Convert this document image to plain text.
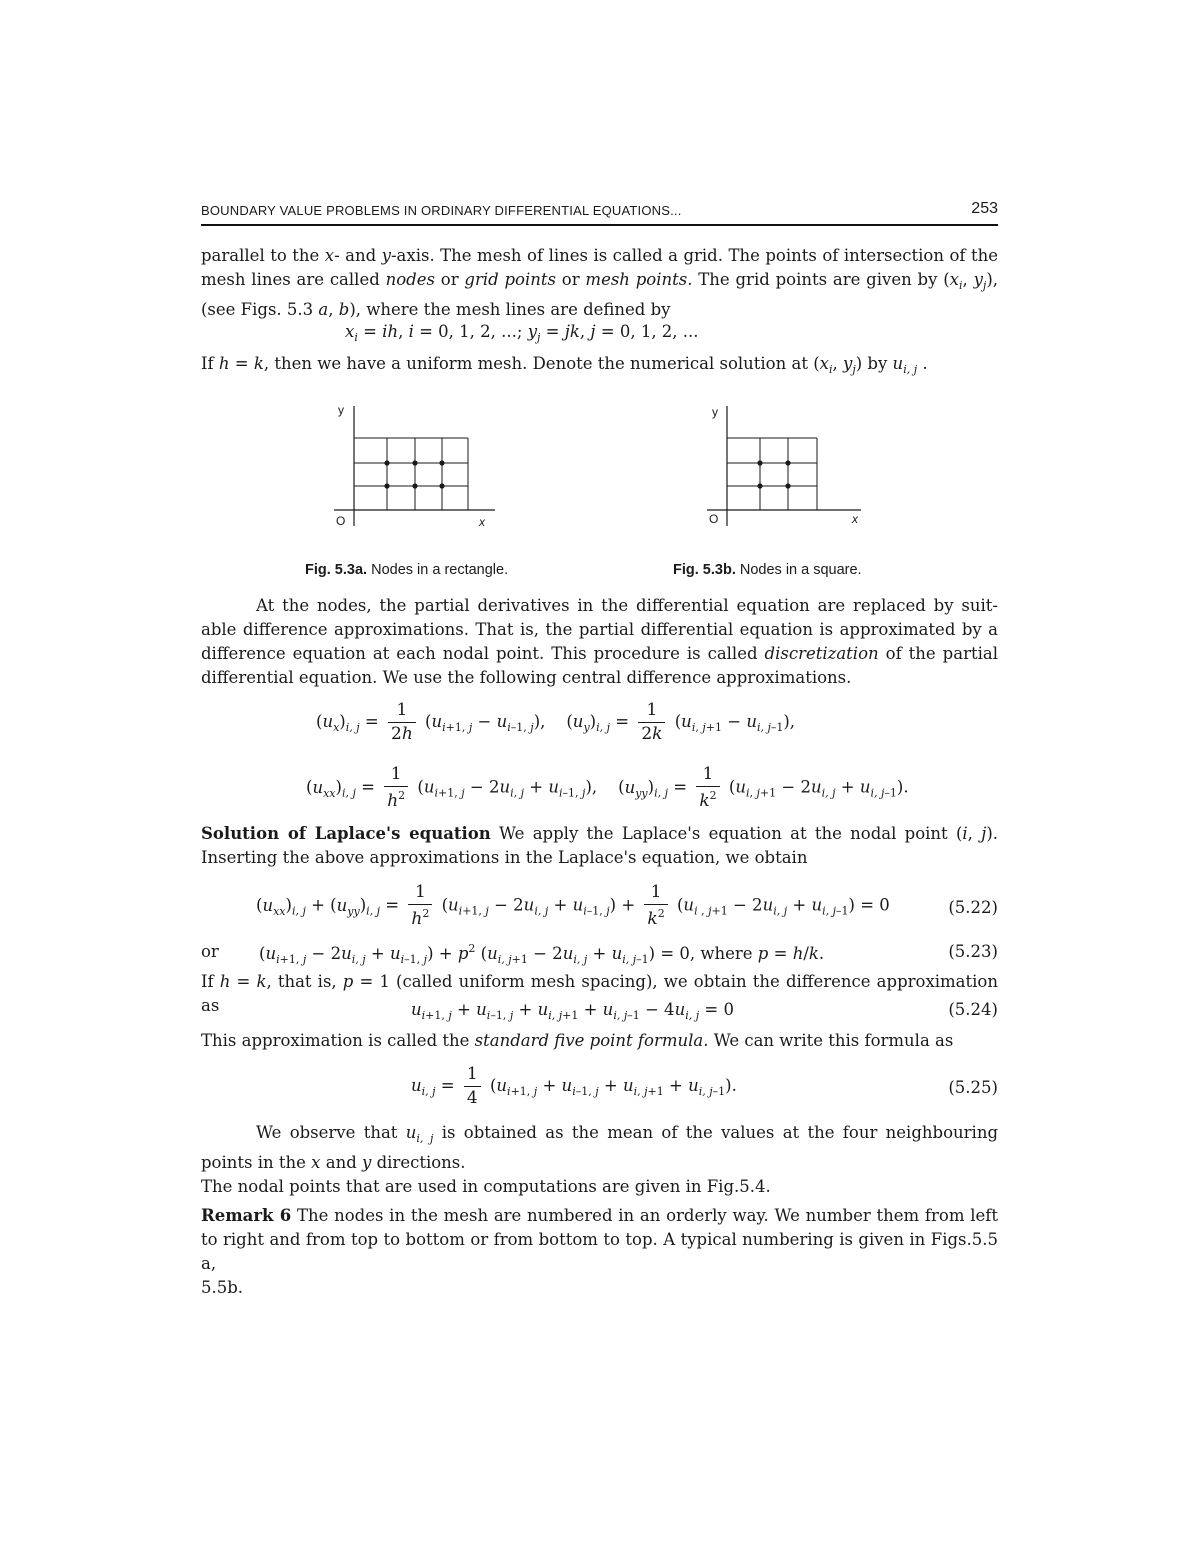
BOUNDARY VALUE PROBLEMS IN ORDINARY DIFFERENTIAL EQUATIONS...	253

parallel to the x- and y-axis. The mesh of lines is called a grid. The points of intersection of the

mesh lines are called nodes or grid points or mesh points. The grid points are given by ($x_i$, $y_j$),

(see Figs. 5.3 a, b), where the mesh lines are defined by

$x_i$ = ih, i = 0, 1, 2, ...; $y_j$ = jk, j = 0, 1, 2, ...

If h = k, then we have a uniform mesh. Denote the numerical solution at ($x_i$, $y_j$) by $u_{i, j}$ .

y
x
O
y
x
O
Fig. 5.3a. Nodes in a rectangle.	Fig. 5.3b. Nodes in a square.

At the nodes, the partial derivatives in the differential equation are replaced by suit-

able difference approximations. That is, the partial differential equation is approximated by a

difference equation at each nodal point. This procedure is called discretization of the partial

differential equation. We use the following central difference approximations.

$(u_x)_{i, j} = \frac{1}{2h} (u_{i+1, j} - u_{i-1, j})$,    $(u_y)_{i, j} = \frac{1}{2k} (u_{i, j+1} - u_{i, j-1})$,
$(u_{xx})_{i, j} = \frac{1}{h^2} (u_{i+1, j} - 2u_{i, j} + u_{i-1, j})$,    $(u_{yy})_{i, j} = \frac{1}{k^2} (u_{i, j+1} - 2u_{i, j} + u_{i, j-1})$.

Solution of Laplace's equation We apply the Laplace's equation at the nodal point (i, j).

Inserting the above approximations in the Laplace's equation, we obtain

$(u_{xx})_{i, j} + (u_{yy})_{i, j} = \frac{1}{h^2} (u_{i+1, j} - 2u_{i, j} + u_{i-1, j}) + \frac{1}{k^2} (u_{i , j+1} - 2u_{i, j} + u_{i, j-1}) = 0$	(5.22)
or $(u_{i+1, j} - 2u_{i, j} + u_{i-1, j}) + p^2$ $(u_{i, j+1} - 2u_{i, j} + u_{i, j-1}) = 0$, where p = h/k.	(5.23)

If h = k, that is, p = 1 (called uniform mesh spacing), we obtain the difference approximation as	$u_{i+1, j} + u_{i-1, j} + u_{i, j+1} + u_{i, j-1} - 4u_{i, j} = 0$	(5.24)

This approximation is called the standard five point formula. We can write this formula as

$u_{i, j} = \frac{1}{4} (u_{i+1, j} + u_{i-1, j} + u_{i, j+1} + u_{i, j-1})$.	(5.25)

We observe that $u_{i, j}$ is obtained as the mean of the values at the four neighbouring

points in the x and y directions.

The nodal points that are used in computations are given in Fig.5.4.

Remark 6 The nodes in the mesh are numbered in an orderly way. We number them from left

to right and from top to bottom or from bottom to top. A typical numbering is given in Figs.5.5 a,

5.5b.
